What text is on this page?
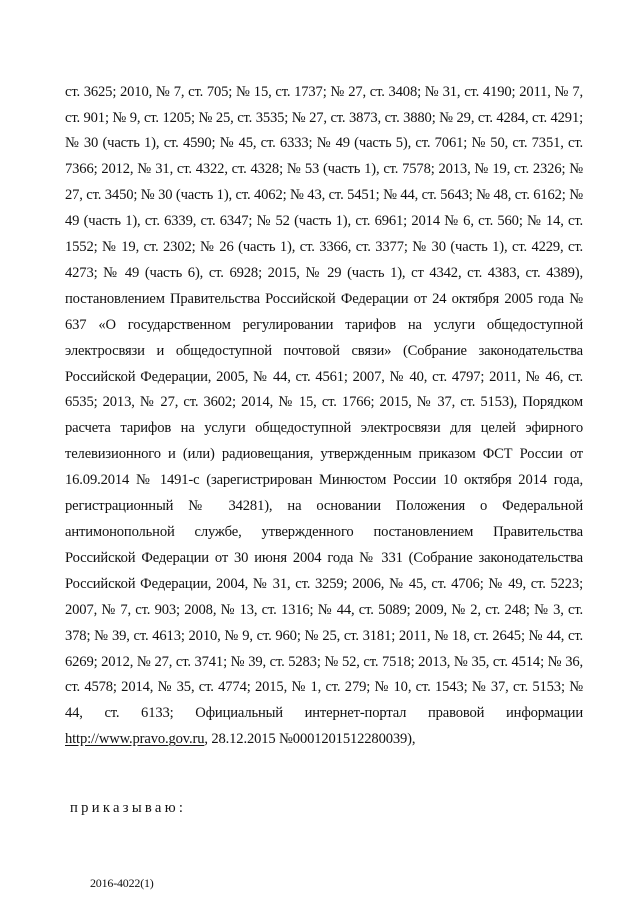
ст. 3625; 2010, № 7, ст. 705; № 15, ст. 1737; № 27, ст. 3408; № 31, ст. 4190; 2011, № 7, ст. 901; № 9, ст. 1205; № 25, ст. 3535; № 27, ст. 3873, ст. 3880; № 29, ст. 4284, ст. 4291; № 30 (часть 1), ст. 4590; № 45, ст. 6333; № 49 (часть 5), ст. 7061; № 50, ст. 7351, ст. 7366; 2012, № 31, ст. 4322, ст. 4328; № 53 (часть 1), ст. 7578; 2013, № 19, ст. 2326; № 27, ст. 3450; № 30 (часть 1), ст. 4062; № 43, ст. 5451; № 44, ст. 5643; № 48, ст. 6162; № 49 (часть 1), ст. 6339, ст. 6347; № 52 (часть 1), ст. 6961; 2014 № 6, ст. 560; № 14, ст. 1552; № 19, ст. 2302; № 26 (часть 1), ст. 3366, ст. 3377; № 30 (часть 1), ст. 4229, ст. 4273; № 49 (часть 6), ст. 6928; 2015, № 29 (часть 1), ст 4342, ст. 4383, ст. 4389), постановлением Правительства Российской Федерации от 24 октября 2005 года № 637 «О государственном регулировании тарифов на услуги общедоступной электросвязи и общедоступной почтовой связи» (Собрание законодательства Российской Федерации, 2005, № 44, ст. 4561; 2007, № 40, ст. 4797; 2011, № 46, ст. 6535; 2013, № 27, ст. 3602; 2014, № 15, ст. 1766; 2015, № 37, ст. 5153), Порядком расчета тарифов на услуги общедоступной электросвязи для целей эфирного телевизионного и (или) радиовещания, утвержденным приказом ФСТ России от 16.09.2014 № 1491-с (зарегистрирован Минюстом России 10 октября 2014 года, регистрационный № 34281), на основании Положения о Федеральной антимонопольной службе, утвержденного постановлением Правительства Российской Федерации от 30 июня 2004 года № 331 (Собрание законодательства Российской Федерации, 2004, № 31, ст. 3259; 2006, № 45, ст. 4706; № 49, ст. 5223; 2007, № 7, ст. 903; 2008, № 13, ст. 1316; № 44, ст. 5089; 2009, № 2, ст. 248; № 3, ст. 378; № 39, ст. 4613; 2010, № 9, ст. 960; № 25, ст. 3181; 2011, № 18, ст. 2645; № 44, ст. 6269; 2012, № 27, ст. 3741; № 39, ст. 5283; № 52, ст. 7518; 2013, № 35, ст. 4514; № 36, ст. 4578; 2014, № 35, ст. 4774; 2015, № 1, ст. 279; № 10, ст. 1543; № 37, ст. 5153; № 44, ст. 6133; Официальный интернет-портал правовой информации http://www.pravo.gov.ru, 28.12.2015 №0001201512280039),

приказываю:
2016-4022(1)
